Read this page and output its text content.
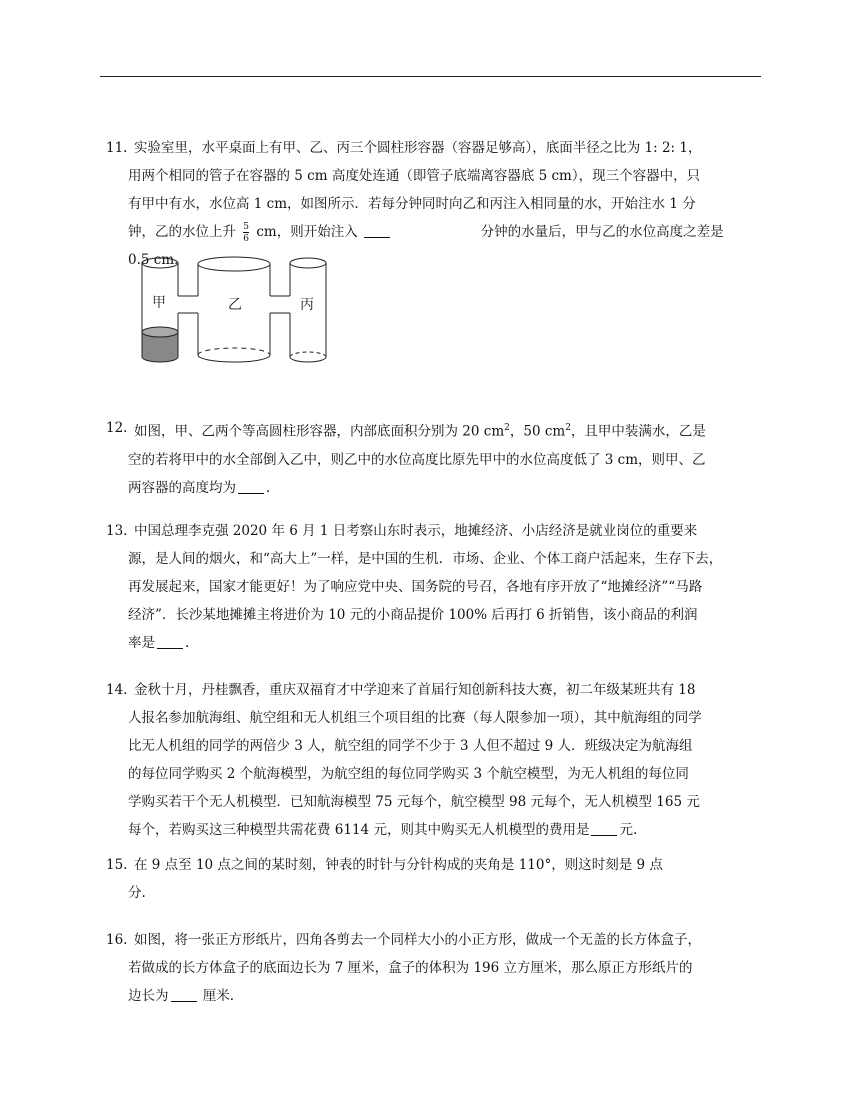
11. 实验室里，水平桌面上有甲、乙、丙三个圆柱形容器（容器足够高），底面半径之比为 1: 2: 1，
用两个相同的管子在容器的 5 cm 高度处连通（即管子底端离容器底 5 cm），现三个容器中，只
有甲中有水，水位高 1 cm，如图所示．若每分钟同时向乙和丙注入相同量的水，开始注水 1 分
钟，乙的水位上升 $\frac{5}{6}$ cm，则开始注入	分钟的水量后，甲与乙的水位高度之差是
0.5 cm．
甲	乙	丙
12. 如图，甲、乙两个等高圆柱形容器，内部底面积分别为 20 $cm^2$，50 $cm^2$，且甲中装满水，乙是
空的若将甲中的水全部倒入乙中，则乙中的水位高度比原先甲中的水位高度低了 3 cm，则甲、乙
两容器的高度均为 .
13. 中国总理李克强 2020 年 6 月 1 日考察山东时表示，地摊经济、小店经济是就业岗位的重要来
源，是人间的烟火，和“高大上”一样，是中国的生机．市场、企业、个体工商户活起来，生存下去，
再发展起来，国家才能更好！为了响应党中央、国务院的号召，各地有序开放了“地摊经济”“马路
经济”．长沙某地摊摊主将进价为 10 元的小商品提价 100% 后再打 6 折销售，该小商品的利润
率是 .
14. 金秋十月，丹桂飘香，重庆双福育才中学迎来了首届行知创新科技大赛，初二年级某班共有 18
人报名参加航海组、航空组和无人机组三个项目组的比赛（每人限参加一项），其中航海组的同学
比无人机组的同学的两倍少 3 人，航空组的同学不少于 3 人但不超过 9 人．班级决定为航海组
的每位同学购买 2 个航海模型，为航空组的每位同学购买 3 个航空模型，为无人机组的每位同
学购买若干个无人机模型．已知航海模型 75 元每个，航空模型 98 元每个，无人机模型 165 元
每个，若购买这三种模型共需花费 6114 元，则其中购买无人机模型的费用是 元.
15. 在 9 点至 10 点之间的某时刻，钟表的时针与分针构成的夹角是 110°，则这时刻是 9 点
分.
16. 如图，将一张正方形纸片，四角各剪去一个同样大小的小正方形，做成一个无盖的长方体盒子，
若做成的长方体盒子的底面边长为 7 厘米，盒子的体积为 196 立方厘米，那么原正方形纸片的
边长为	厘米.
